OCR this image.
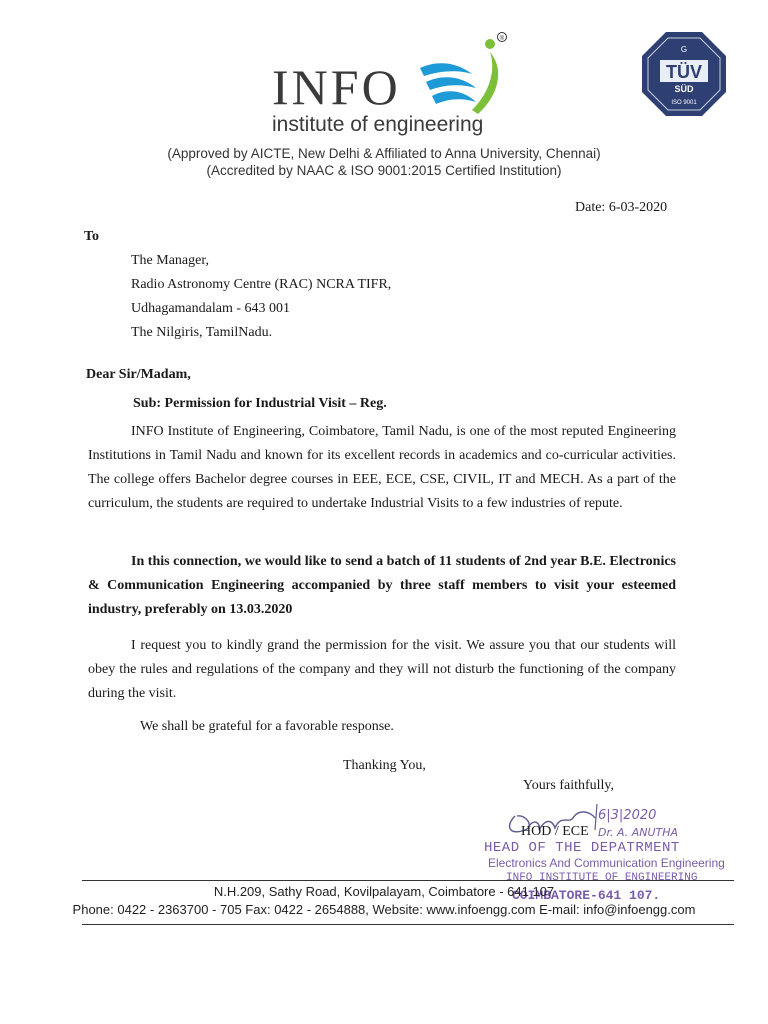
INFO
®
institute of engineering
(Approved by AICTE, New Delhi & Affiliated to Anna University, Chennai)
(Accredited by NAAC & ISO 9001:2015 Certified Institution)
TÜV
SÜD
ISO 9001
G
Date: 6-03-2020
To
The Manager,
Radio Astronomy Centre (RAC) NCRA TIFR,
Udhagamandalam - 643 001
The Nilgiris, TamilNadu.
Dear Sir/Madam,
Sub: Permission for Industrial Visit – Reg.
INFO Institute of Engineering, Coimbatore, Tamil Nadu, is one of the most reputed Engineering Institutions in Tamil Nadu and known for its excellent records in academics and co-curricular activities. The college offers Bachelor degree courses in EEE, ECE, CSE, CIVIL, IT and MECH. As a part of the curriculum, the students are required to undertake Industrial Visits to a few industries of repute.
In this connection, we would like to send a batch of 11 students of 2nd year B.E. Electronics & Communication Engineering accompanied by three staff members to visit your esteemed industry, preferably on 13.03.2020
I request you to kindly grand the permission for the visit. We assure you that our students will obey the rules and regulations of the company and they will not disturb the functioning of the company during the visit.
We shall be grateful for a favorable response.
Thanking You,
Yours faithfully,
6|3|2020
HOD / ECE Dr. A. ANUTHA
HEAD OF THE DEPATRMENT
Electronics And Communication Engineering
INFO INSTITUTE OF ENGINEERING
COIMBATORE-641 107.
N.H.209, Sathy Road, Kovilpalayam, Coimbatore - 641 107
Phone: 0422 - 2363700 - 705 Fax: 0422 - 2654888, Website: www.infoengg.com E-mail: info@infoengg.com
